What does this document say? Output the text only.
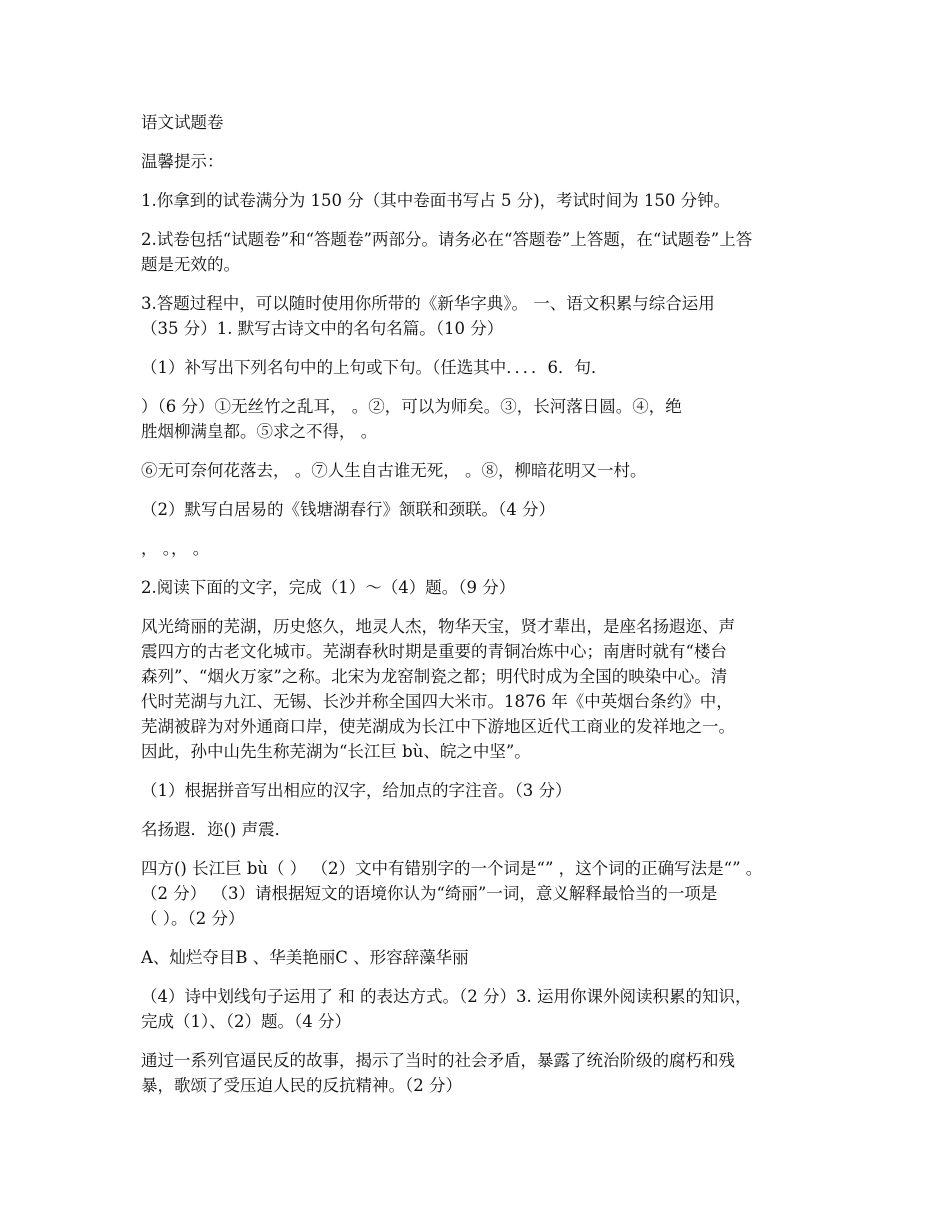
语文试题卷

温馨提示：

1.你拿到的试卷满分为 150 分（其中卷面书写占 5 分)，考试时间为 150 分钟。

2.试卷包括“试题卷”和“答题卷”两部分。请务必在“答题卷”上答题，在“试题卷”上答
题是无效的。

3.答题过程中，可以随时使用你所带的《新华字典》。 一、语文积累与综合运用
（35 分）1. 默写古诗文中的名句名篇。（10 分）

（1）补写出下列名句中的上句或下句。（任选其中．．．．6．句．

）（6 分）①无丝竹之乱耳， 。②，可以为师矣。③，长河落日圆。④，绝
胜烟柳满皇都。⑤求之不得， 。

⑥无可奈何花落去， 。⑦人生自古谁无死， 。⑧，柳暗花明又一村。

（2）默写白居易的《钱塘湖春行》颔联和颈联。（4 分）

， 。， 。

2.阅读下面的文字，完成（1）～（4）题。（9 分）

风光绮丽的芜湖，历史悠久，地灵人杰，物华天宝，贤才辈出，是座名扬遐迩、声
震四方的古老文化城市。芜湖春秋时期是重要的青铜冶炼中心；南唐时就有“楼台
森列”、“烟火万家”之称。北宋为龙窑制瓷之都；明代时成为全国的映染中心。清
代时芜湖与九江、无锡、长沙并称全国四大米市。1876 年《中英烟台条约》中，
芜湖被辟为对外通商口岸，使芜湖成为长江中下游地区近代工商业的发祥地之一。
因此，孙中山先生称芜湖为“长江巨 bù、皖之中坚”。

（1）根据拼音写出相应的汉字，给加点的字注音。（3 分）

名扬遐．迩() 声震．

四方() 长江巨 bù（ ） （2）文中有错别字的一个词是“” ，这个词的正确写法是“” 。
（2 分） （3）请根据短文的语境你认为“绮丽”一词，意义解释最恰当的一项是
（ ）。（2 分）

A、灿烂夺目B 、华美艳丽C 、形容辞藻华丽

（4）诗中划线句子运用了 和 的表达方式。（2 分）3. 运用你课外阅读积累的知识，
完成（1）、（2）题。（4 分）

通过一系列官逼民反的故事，揭示了当时的社会矛盾，暴露了统治阶级的腐朽和残
暴，歌颂了受压迫人民的反抗精神。（2 分）
